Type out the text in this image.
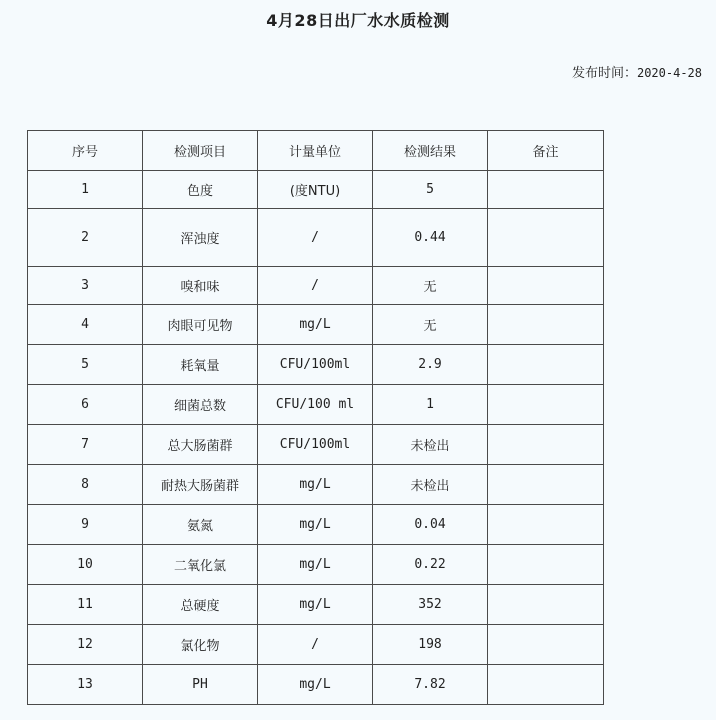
4月28日出厂水水质检测
发布时间：2020-4-28
序号	检测项目	计量单位	检测结果	备注
1	色度	(度NTU)	5	
2	浑浊度	/	0.44	
3	嗅和味	/	无	
4	肉眼可见物	mg/L	无	
5	耗氧量	CFU/100ml	2.9	
6	细菌总数	CFU/100 ml	1	
7	总大肠菌群	CFU/100ml	未检出	
8	耐热大肠菌群	mg/L	未检出	
9	氨氮	mg/L	0.04	
10	二氧化氯	mg/L	0.22	
11	总硬度	mg/L	352	
12	氯化物	/	198	
13	PH	mg/L	7.82	
